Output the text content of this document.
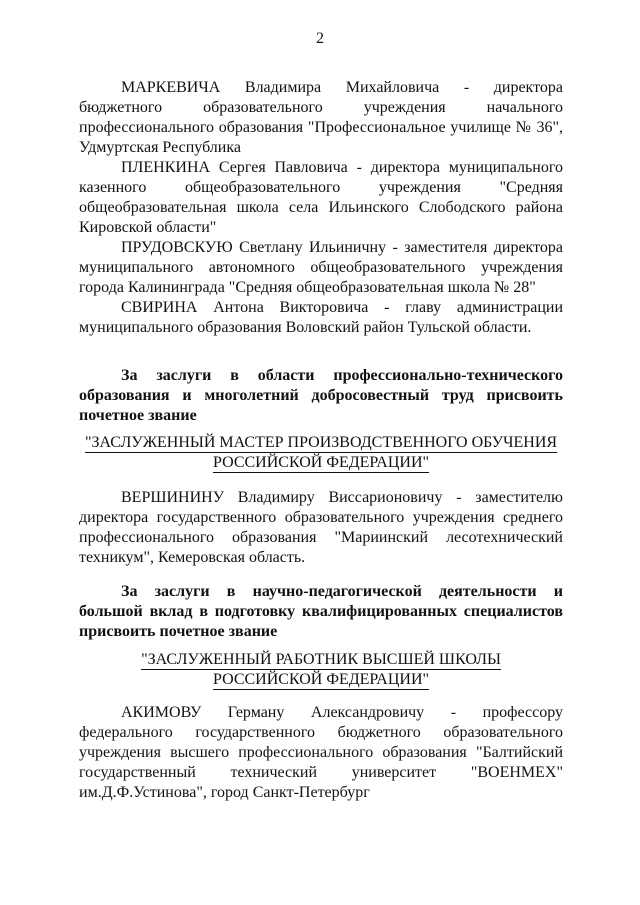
2

МАРКЕВИЧА Владимира Михайловича - директора бюджетного образовательного учреждения начального профессионального образования "Профессиональное училище № 36", Удмуртская Республика

ПЛЕНКИНА Сергея Павловича - директора муниципального казенного общеобразовательного учреждения "Средняя общеобразовательная школа села Ильинского Слободского района Кировской области"

ПРУДОВСКУЮ Светлану Ильиничну - заместителя директора муниципального автономного общеобразовательного учреждения города Калининграда "Средняя общеобразовательная школа № 28"

СВИРИНА Антона Викторовича - главу администрации муниципального образования Воловский район Тульской области.

За заслуги в области профессионально-технического образования и многолетний добросовестный труд присвоить почетное звание

"ЗАСЛУЖЕННЫЙ МАСТЕР ПРОИЗВОДСТВЕННОГО ОБУЧЕНИЯ
РОССИЙСКОЙ ФЕДЕРАЦИИ"

ВЕРШИНИНУ Владимиру Виссарионовичу - заместителю директора государственного образовательного учреждения среднего профессионального образования "Мариинский лесотехнический техникум", Кемеровская область.

За заслуги в научно-педагогической деятельности и большой вклад в подготовку квалифицированных специалистов присвоить почетное звание

"ЗАСЛУЖЕННЫЙ РАБОТНИК ВЫСШЕЙ ШКОЛЫ
РОССИЙСКОЙ ФЕДЕРАЦИИ"

АКИМОВУ Герману Александровичу - профессору федерального государственного бюджетного образовательного учреждения высшего профессионального образования "Балтийский государственный технический университет "ВОЕНМЕХ" им.Д.Ф.Устинова", город Санкт-Петербург
